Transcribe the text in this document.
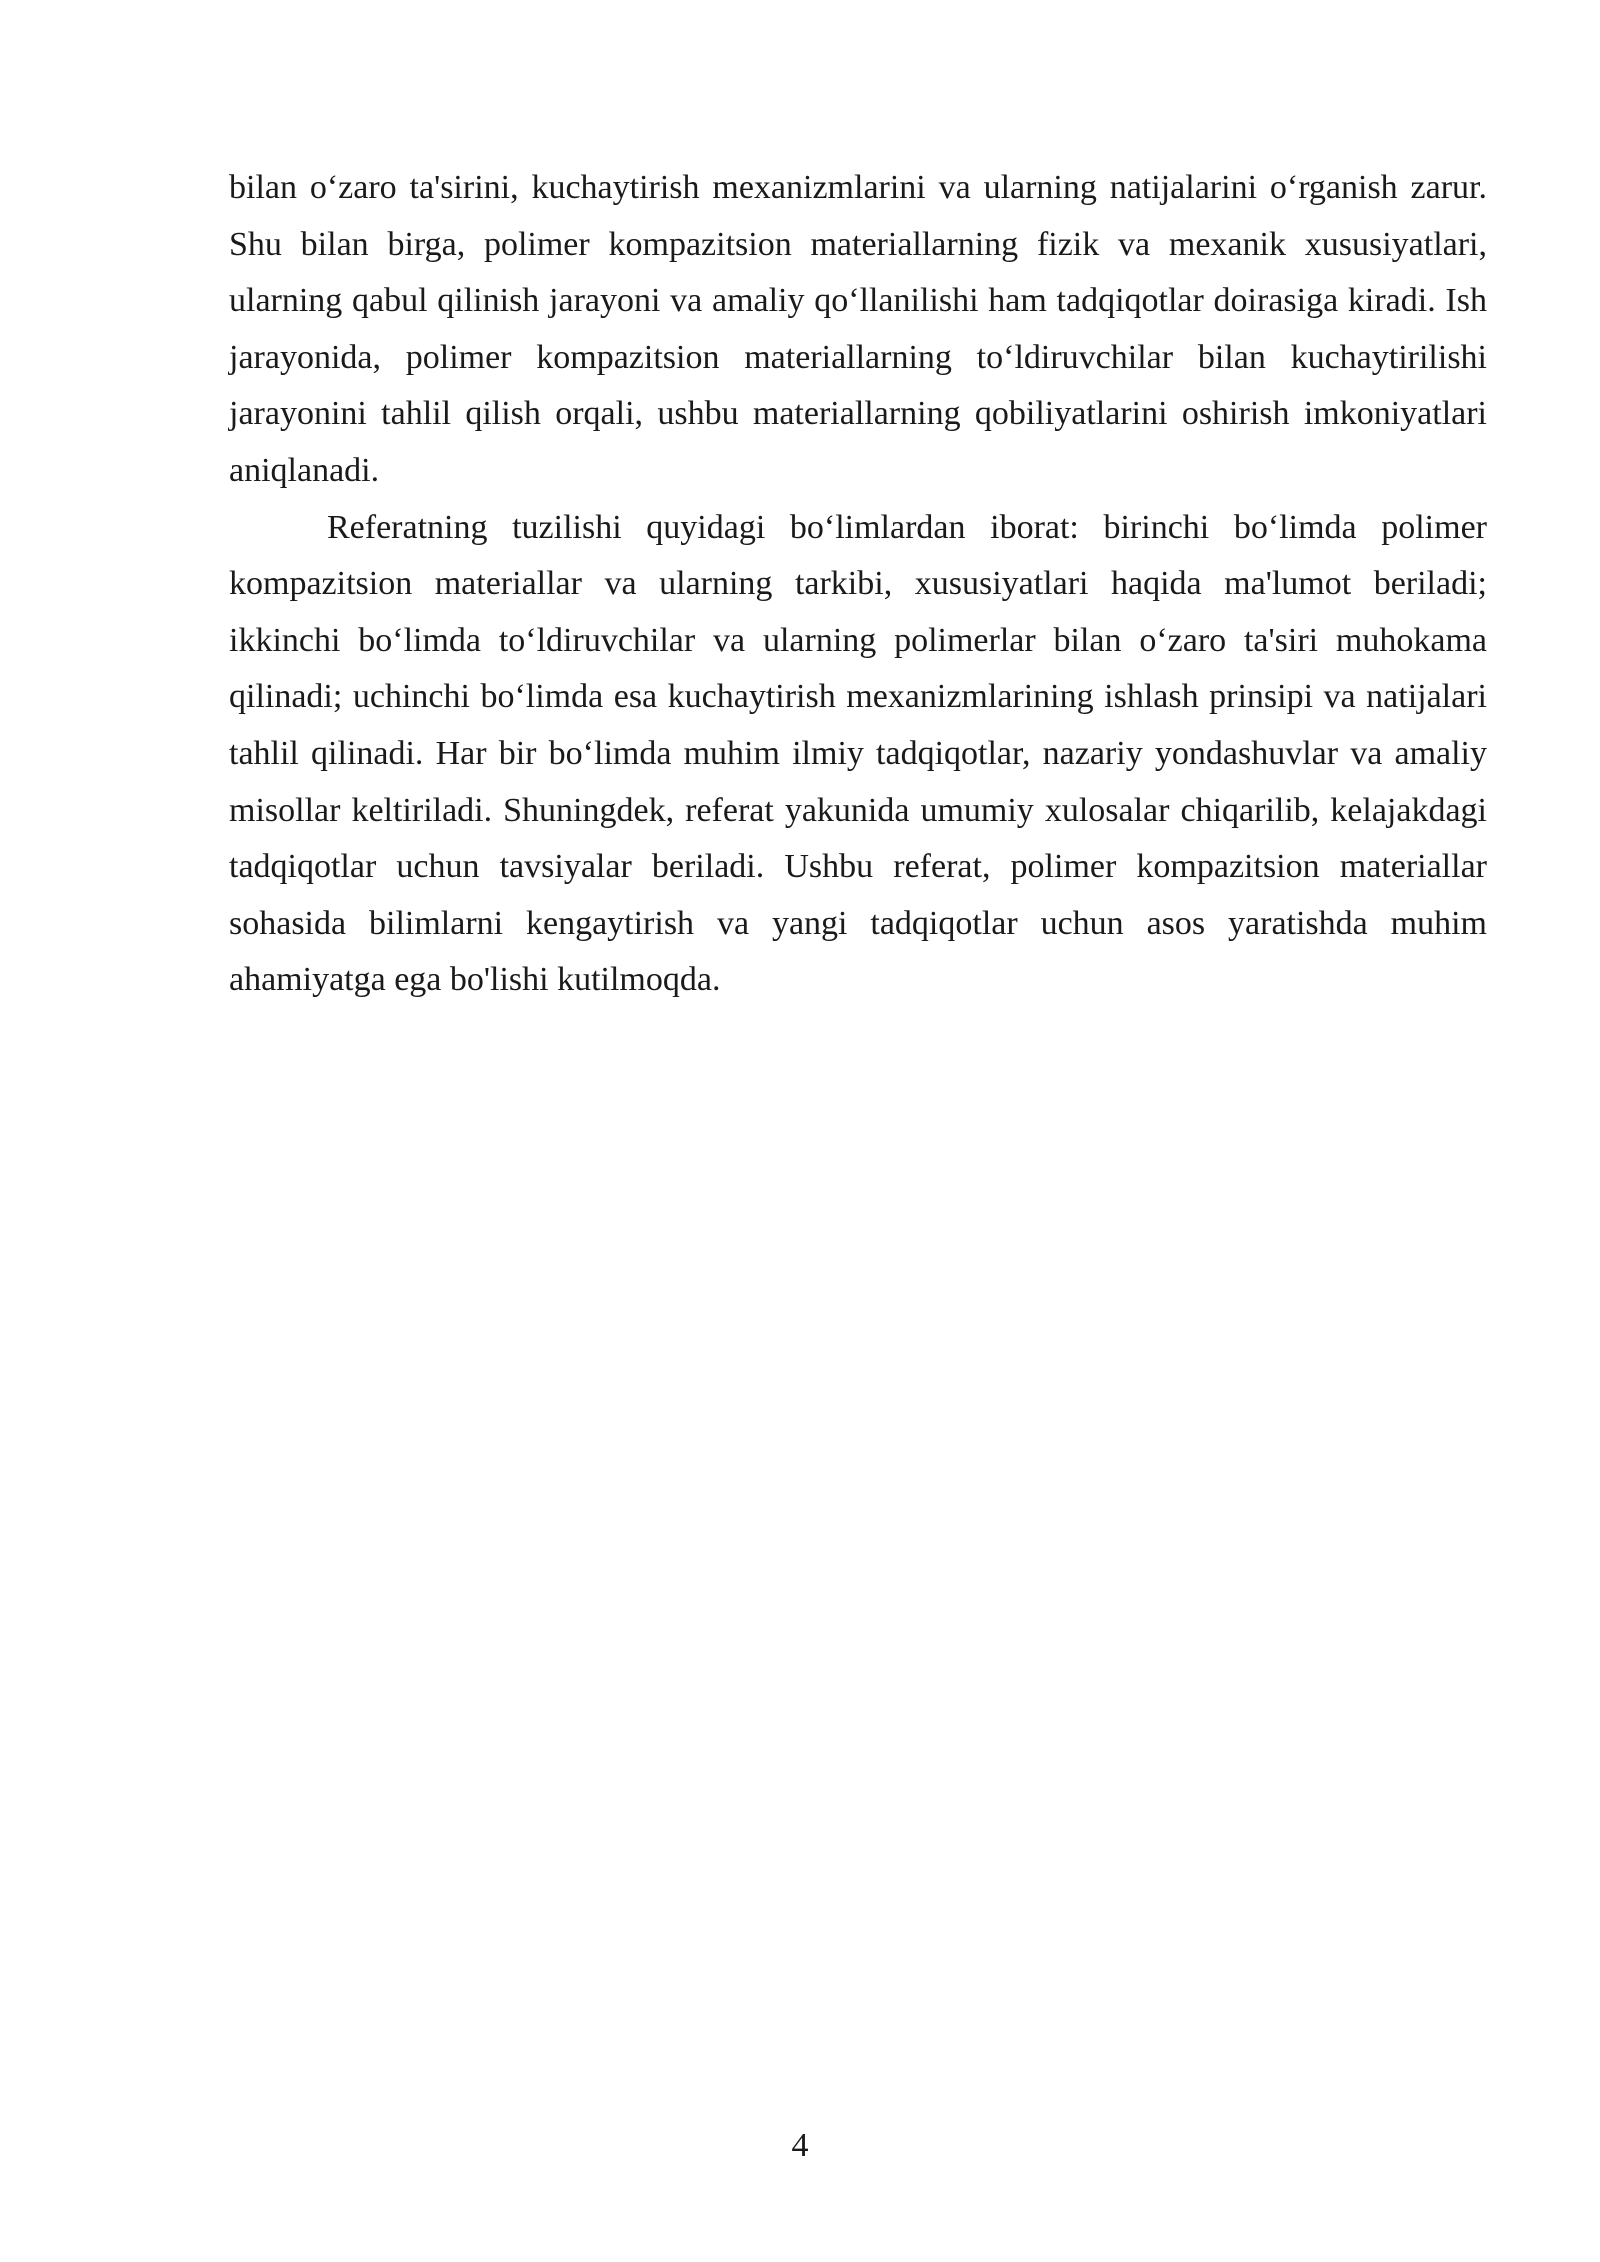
bilan o‘zaro ta'sirini, kuchaytirish mexanizmlarini va ularning natijalarini o‘rganish zarur. Shu bilan birga, polimer kompazitsion materiallarning fizik va mexanik xususiyatlari, ularning qabul qilinish jarayoni va amaliy qo‘llanilishi ham tadqiqotlar doirasiga kiradi. Ish jarayonida, polimer kompazitsion materiallarning to‘ldiruvchilar bilan kuchaytirilishi jarayonini tahlil qilish orqali, ushbu materiallarning qobiliyatlarini oshirish imkoniyatlari aniqlanadi.

Referatning tuzilishi quyidagi bo‘limlardan iborat: birinchi bo‘limda polimer kompazitsion materiallar va ularning tarkibi, xususiyatlari haqida ma'lumot beriladi; ikkinchi bo‘limda to‘ldiruvchilar va ularning polimerlar bilan o‘zaro ta'siri muhokama qilinadi; uchinchi bo‘limda esa kuchaytirish mexanizmlarining ishlash prinsipi va natijalari tahlil qilinadi. Har bir bo‘limda muhim ilmiy tadqiqotlar, nazariy yondashuvlar va amaliy misollar keltiriladi. Shuningdek, referat yakunida umumiy xulosalar chiqarilib, kelajakdagi tadqiqotlar uchun tavsiyalar beriladi. Ushbu referat, polimer kompazitsion materiallar sohasida bilimlarni kengaytirish va yangi tadqiqotlar uchun asos yaratishda muhim ahamiyatga ega bo'lishi kutilmoqda.

4
